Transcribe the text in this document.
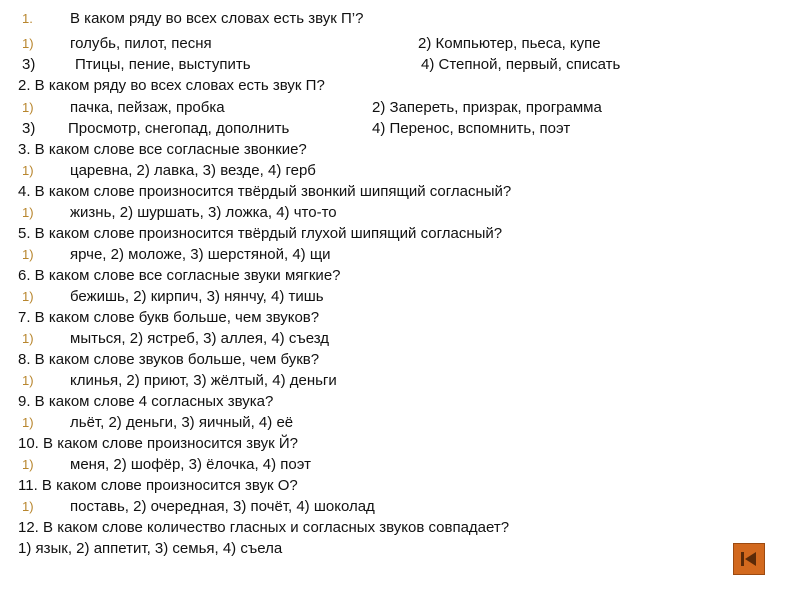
1. В каком ряду во всех словах есть звук П’?
1) голубь, пилот, песня	2) Компьютер, пьеса, купе
3)	Птицы, пение, выступить	4) Степной, первый, списать
2. В каком ряду во всех словах есть звук П?
1) пачка, пейзаж, пробка	2) Запереть, призрак, программа
3) Просмотр, снегопад, дополнить	4) Перенос, вспомнить, поэт
3. В каком слове все согласные звонкие?
1) царевна, 2) лавка, 3) везде, 4) герб
4. В каком слове произносится твёрдый звонкий шипящий согласный?
1) жизнь, 2) шуршать, 3) ложка, 4) что-то
5. В каком слове произносится твёрдый глухой шипящий согласный?
1) ярче, 2) моложе, 3) шерстяной, 4) щи
6. В каком слове все согласные звуки мягкие?
1) бежишь, 2) кирпич, 3) нянчу, 4) тишь
7. В каком слове букв больше, чем звуков?
1) мыться, 2) ястреб, 3) аллея, 4) съезд
8. В каком слове звуков больше, чем букв?
1) клинья, 2) приют, 3) жёлтый, 4) деньги
9. В каком слове 4 согласных звука?
1) льёт, 2) деньги, 3) яичный, 4) её
10. В каком слове произносится звук Й?
1) меня, 2) шофёр, 3) ёлочка, 4) поэт
11. В каком слове произносится звук О?
1) поставь, 2) очередная, 3) почёт, 4) шоколад
12. В каком слове количество гласных и согласных звуков совпадает?
1) язык, 2) аппетит, 3) семья, 4) съела
